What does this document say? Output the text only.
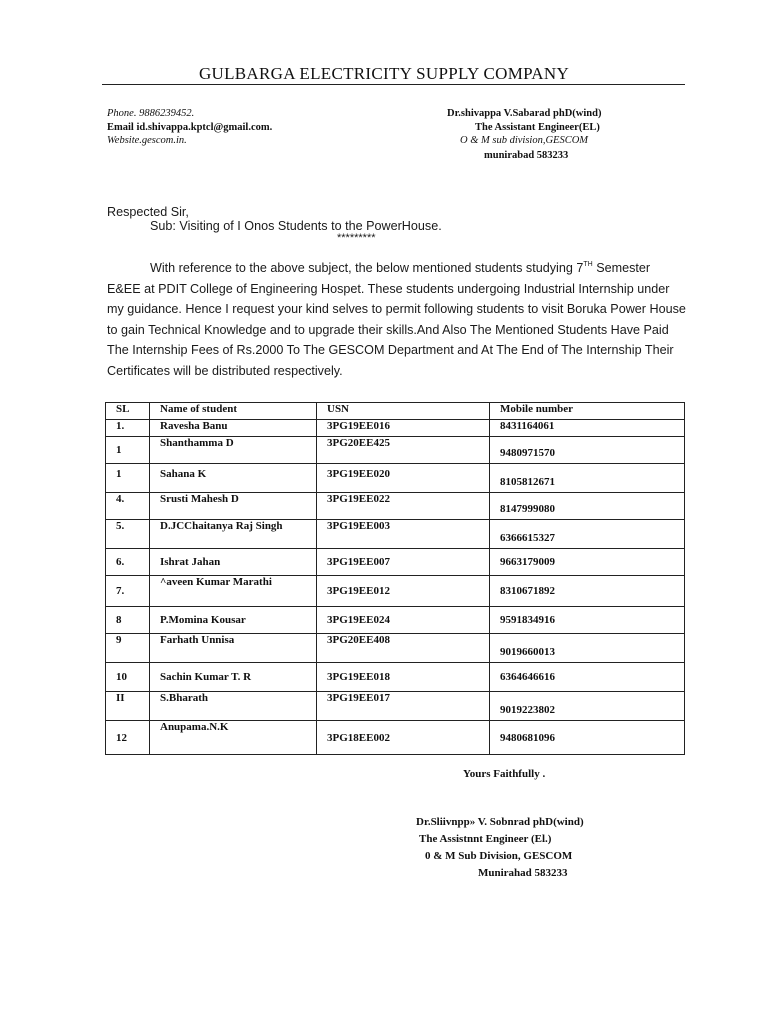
GULBARGA ELECTRICITY SUPPLY COMPANY
Phone. 9886239452.
Email id.shivappa.kptcl@gmail.com.
Website.gescom.in.
Dr.shivappa V.Sabarad phD(wind)
The Assistant Engineer(EL)
O & M sub division,GESCOM
munirabad 583233
Respected Sir,
Sub: Visiting of I Onos Students to the PowerHouse.
*********
With reference to the above subject, the below mentioned students studying 7TH Semester E&EE at PDIT College of Engineering Hospet. These students undergoing Industrial Internship under my guidance. Hence I request your kind selves to permit following students to visit Boruka Power House to gain Technical Knowledge and to upgrade their skills.And Also The Mentioned Students Have Paid The Internship Fees of Rs.2000 To The GESCOM Department and At The End of The Internship Their Certificates will be distributed respectively.
SL	Name of student	USN	Mobile number
1.	Ravesha Banu	3PG19EE016	8431164061
1	Shanthamma D	3PG20EE425	9480971570
1	Sahana K	3PG19EE020	8105812671
4.	Srusti Mahesh D	3PG19EE022	8147999080
5.	D.JCChaitanya Raj Singh	3PG19EE003	6366615327
6.	Ishrat Jahan	3PG19EE007	9663179009
7.	^aveen Kumar Marathi	3PG19EE012	8310671892
8	P.Momina Kousar	3PG19EE024	9591834916
9	Farhath Unnisa	3PG20EE408	9019660013
10	Sachin Kumar T. R	3PG19EE018	6364646616
II	S.Bharath	3PG19EE017	9019223802
12	Anupama.N.K	3PG18EE002	9480681096
Yours Faithfully .
Dr.Sliivnpp» V. Sobnrad phD(wind)
The Assistnnt Engineer (El.)
0 & M Sub Division, GESCOM
Munirahad 583233
